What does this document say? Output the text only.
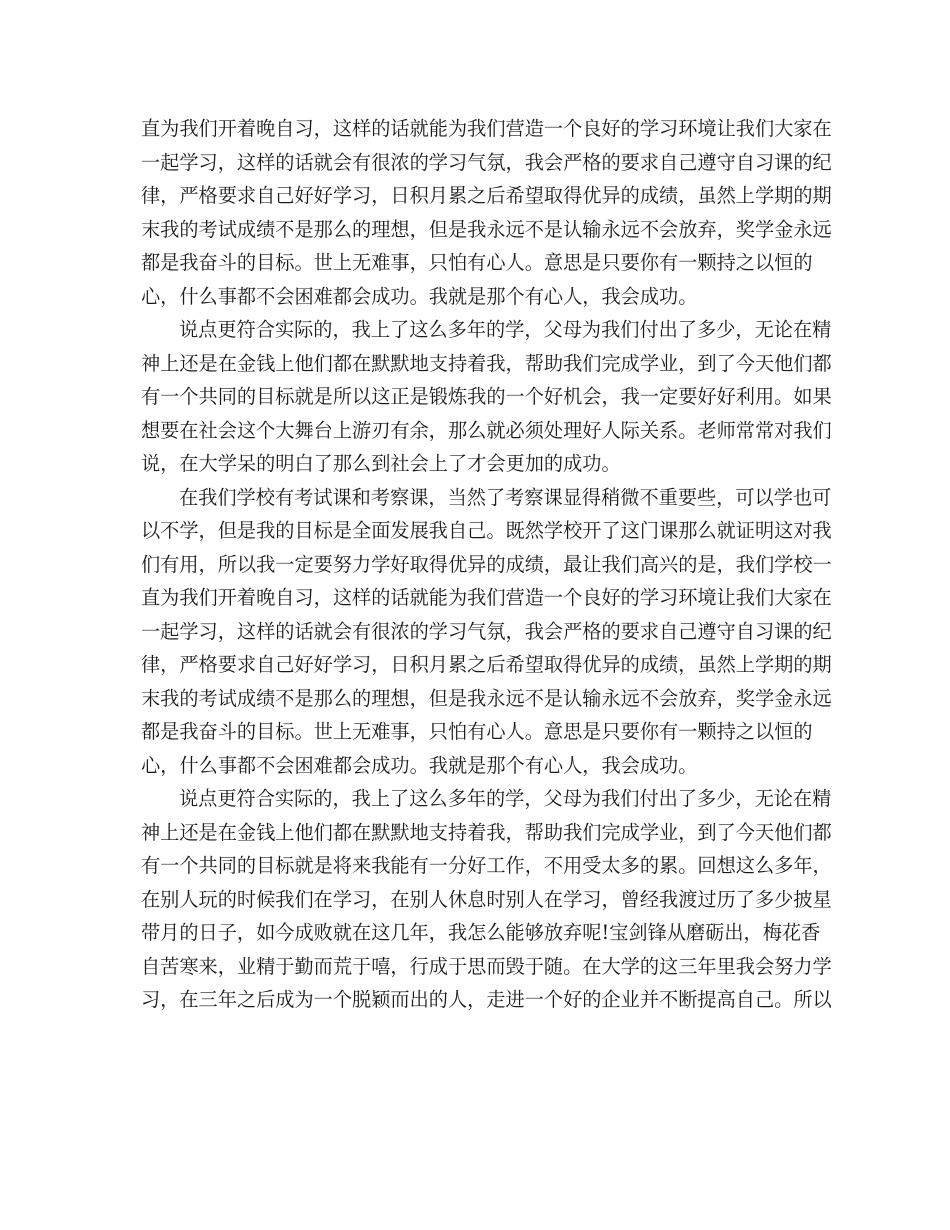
直为我们开着晚自习，这样的话就能为我们营造一个良好的学习环境让我们大家在
一起学习，这样的话就会有很浓的学习气氛，我会严格的要求自己遵守自习课的纪
律，严格要求自己好好学习，日积月累之后希望取得优异的成绩，虽然上学期的期
末我的考试成绩不是那么的理想，但是我永远不是认输永远不会放弃，奖学金永远
都是我奋斗的目标。世上无难事，只怕有心人。意思是只要你有一颗持之以恒的
心，什么事都不会困难都会成功。我就是那个有心人，我会成功。
说点更符合实际的，我上了这么多年的学，父母为我们付出了多少，无论在精
神上还是在金钱上他们都在默默地支持着我，帮助我们完成学业，到了今天他们都
有一个共同的目标就是所以这正是锻炼我的一个好机会，我一定要好好利用。如果
想要在社会这个大舞台上游刃有余，那么就必须处理好人际关系。老师常常对我们
说，在大学呆的明白了那么到社会上了才会更加的成功。
在我们学校有考试课和考察课，当然了考察课显得稍微不重要些，可以学也可
以不学，但是我的目标是全面发展我自己。既然学校开了这门课那么就证明这对我
们有用，所以我一定要努力学好取得优异的成绩，最让我们高兴的是，我们学校一
直为我们开着晚自习，这样的话就能为我们营造一个良好的学习环境让我们大家在
一起学习，这样的话就会有很浓的学习气氛，我会严格的要求自己遵守自习课的纪
律，严格要求自己好好学习，日积月累之后希望取得优异的成绩，虽然上学期的期
末我的考试成绩不是那么的理想，但是我永远不是认输永远不会放弃，奖学金永远
都是我奋斗的目标。世上无难事，只怕有心人。意思是只要你有一颗持之以恒的
心，什么事都不会困难都会成功。我就是那个有心人，我会成功。
说点更符合实际的，我上了这么多年的学，父母为我们付出了多少，无论在精
神上还是在金钱上他们都在默默地支持着我，帮助我们完成学业，到了今天他们都
有一个共同的目标就是将来我能有一分好工作，不用受太多的累。回想这么多年，
在别人玩的时候我们在学习，在别人休息时别人在学习，曾经我渡过历了多少披星
带月的日子，如今成败就在这几年，我怎么能够放弃呢!宝剑锋从磨砺出，梅花香
自苦寒来，业精于勤而荒于嘻，行成于思而毁于随。在大学的这三年里我会努力学
习，在三年之后成为一个脱颖而出的人，走进一个好的企业并不断提高自己。所以
